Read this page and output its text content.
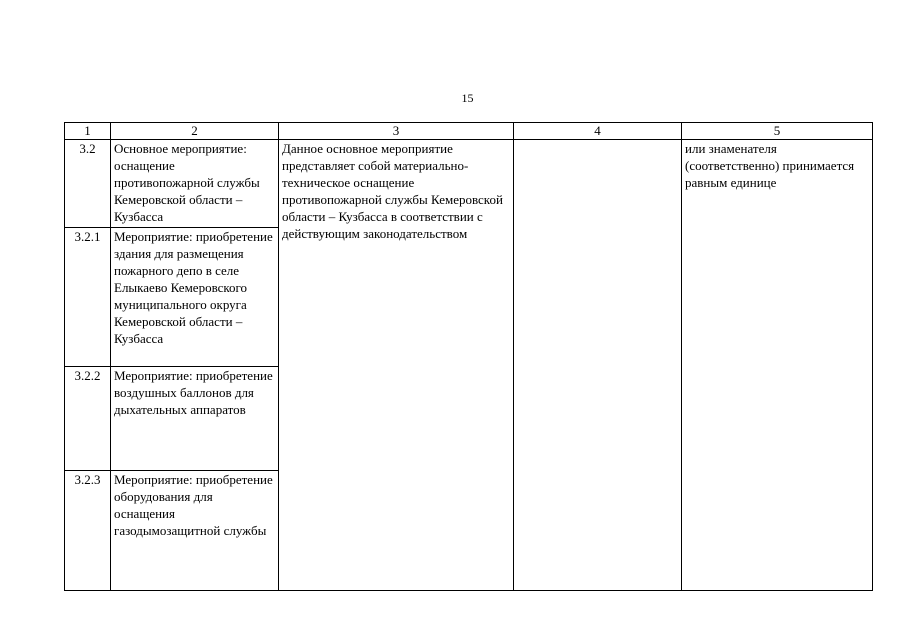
15
1	2	3	4	5
3.2	Основное мероприятие: оснащение противопожарной службы Кемеровской области – Кузбасса	Данное основное мероприятие представляет собой материально-техническое оснащение противопожарной службы Кемеровской области – Кузбасса в соответствии с действующим законодательством		или знаменателя (соответственно) принимается равным единице
3.2.1	Мероприятие: приобретение здания для размещения пожарного депо в селе Елыкаево Кемеровского муниципального округа Кемеровской области – Кузбасса			
3.2.2	Мероприятие: приобретение воздушных баллонов для дыхательных аппаратов			
3.2.3	Мероприятие: приобретение оборудования для оснащения газодымозащитной службы			
